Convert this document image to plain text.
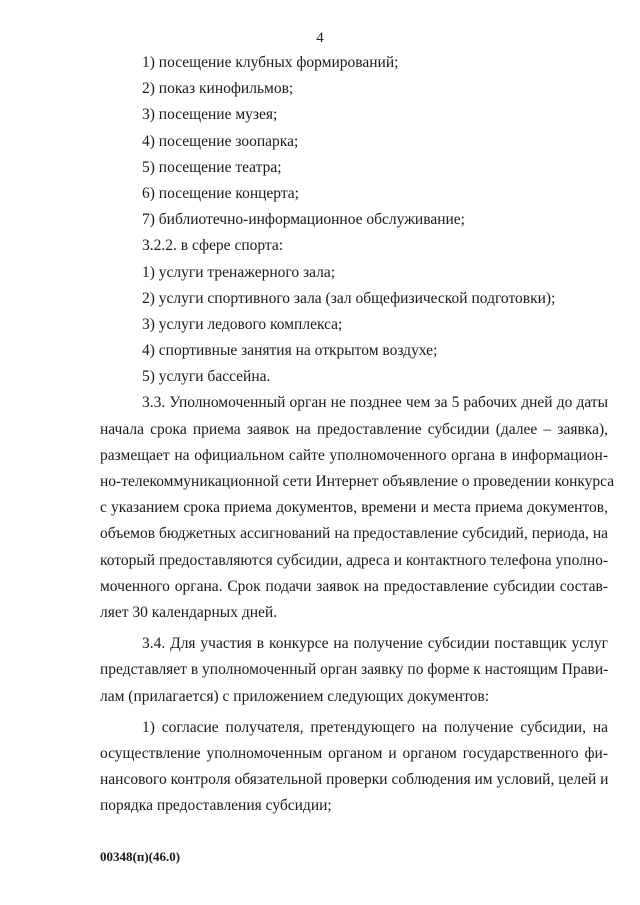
4
1) посещение клубных формирований;
2) показ кинофильмов;
3) посещение музея;
4) посещение зоопарка;
5) посещение театра;
6) посещение концерта;
7) библиотечно-информационное обслуживание;
3.2.2. в сфере спорта:
1) услуги тренажерного зала;
2) услуги спортивного зала (зал общефизической подготовки);
3) услуги ледового комплекса;
4) спортивные занятия на открытом воздухе;
5) услуги бассейна.
3.3. Уполномоченный орган не позднее чем за 5 рабочих дней до даты
начала срока приема заявок на предоставление субсидии (далее – заявка),
размещает на официальном сайте уполномоченного органа в информацион-
но-телекоммуникационной сети Интернет объявление о проведении конкурса
с указанием срока приема документов, времени и места приема документов,
объемов бюджетных ассигнований на предоставление субсидий, периода, на
который предоставляются субсидии, адреса и контактного телефона уполно-
моченного органа. Срок подачи заявок на предоставление субсидии состав-
ляет 30 календарных дней.
3.4. Для участия в конкурсе на получение субсидии поставщик услуг
представляет в уполномоченный орган заявку по форме к настоящим Прави-
лам (прилагается) с приложением следующих документов:
1) согласие получателя, претендующего на получение субсидии, на
осуществление уполномоченным органом и органом государственного фи-
нансового контроля обязательной проверки соблюдения им условий, целей и
порядка предоставления субсидии;
00348(п)(46.0)
